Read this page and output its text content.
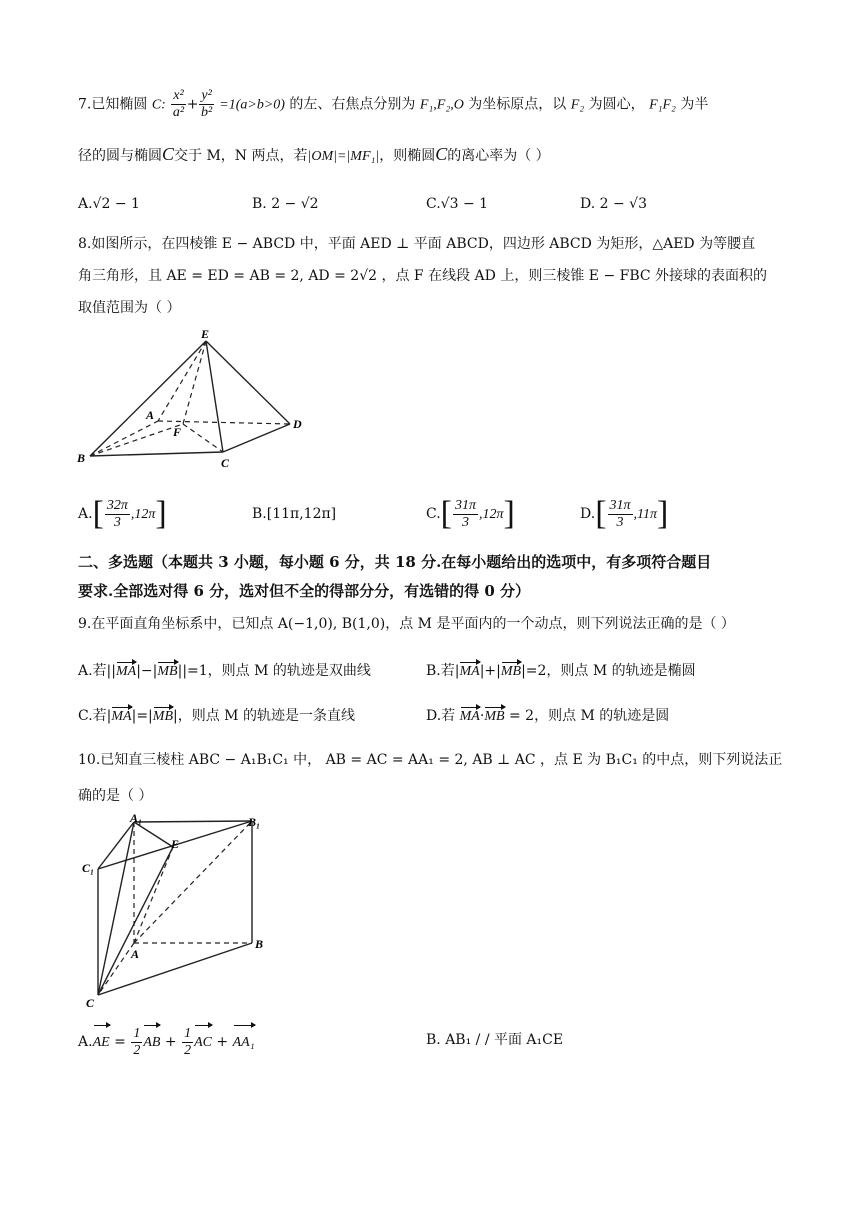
7.已知椭圆 C: $\frac{\text{x²}}{\text{a²}} + \frac{\text{y²}}{\text{b²}} =1(a>b>0)$ 的左、右焦点分别为 F₁,F₂,O 为坐标原点，以 F₂ 为圆心， F₁F₂ 为半
径的圆与椭圆C交于 M，N 两点，若|OM|=|MF₁|，则椭圆C的离心率为（ ）
A.√2 − 1	B. 2 − √2	C.√3 − 1	D. 2 − √3
8.如图所示，在四棱锥 E − ABCD 中，平面 AED ⊥ 平面 ABCD，四边形 ABCD 为矩形，△AED 为等腰直
角三角形，且 AE = ED = AB = 2, AD = 2√2 ，点 F 在线段 AD 上，则三棱锥 E − FBC 外接球的表面积的
取值范围为（ ）
E
A
F
D
B	C
$A.[ \frac{32\pi}{3} ,12\pi]$	B.[11π,12π]	$C.[ \frac{31\pi}{3} ,12\pi]$	$D.[ \frac{31\pi}{3} ,11\pi]$
二、多选题（本题共 3 小题，每小题 6 分，共 18 分.在每小题给出的选项中，有多项符合题目
要求.全部选对得 6 分，选对但不全的得部分分，有选错的得 0 分）
9.在平面直角坐标系中，已知点 A(−1,0), B(1,0)，点 M 是平面内的一个动点，则下列说法正确的是（ ）
A.若||MA|−|MB||=1，则点 M 的轨迹是双曲线	B.若|MA|+|MB|=2，则点 M 的轨迹是椭圆
C.若|MA|=|MB|，则点 M 的轨迹是一条直线	D.若 MA·MB = 2，则点 M 的轨迹是圆
10.已知直三棱柱 ABC − A₁B₁C₁ 中， AB = AC = AA₁ = 2, AB ⊥ AC ，点 E 为 B₁C₁ 的中点，则下列说法正
确的是（ ）
A₁	B₁
C₁
E
A
B
C
$A.AE = \frac{1}{2}$ AB + $\frac{1}{2}$ AC + AA₁	B. AB₁ / / 平面 A₁CE
